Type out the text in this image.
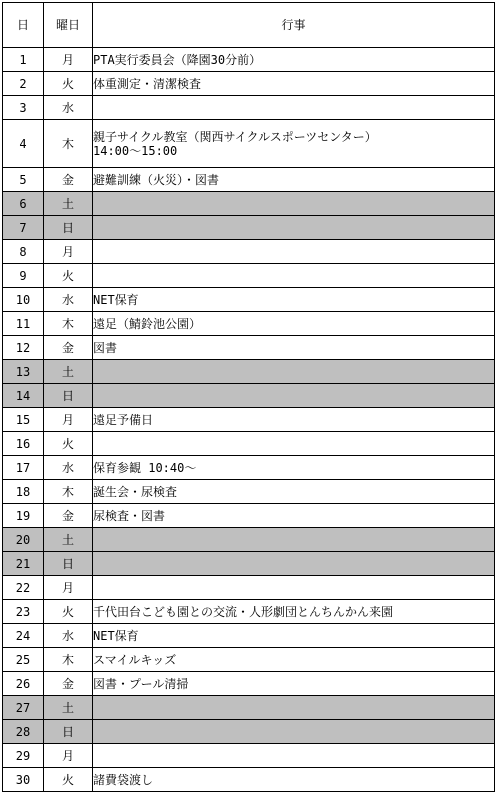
日	曜日	行事
1	月	PTA実行委員会（降園30分前）

2	火	体重測定・清潔検査

3	水	
4	木	親子サイクル教室（関西サイクルスポーツセンター）
14:00～15:00

5	金	避難訓練（火災）・図書

6	土	
7	日	
8	月	
9	火	
10	水	NET保育

11	木	遠足（鯖鈴池公園）

12	金	図書

13	土	
14	日	
15	月	遠足予備日

16	火	
17	水	保育参観 10:40～

18	木	誕生会・尿検査

19	金	尿検査・図書

20	土	
21	日	
22	月	
23	火	千代田台こども園との交流・人形劇団とんちんかん来園

24	水	NET保育

25	木	スマイルキッズ

26	金	図書・プール清掃

27	土	
28	日	
29	月	
30	火	諸費袋渡し
